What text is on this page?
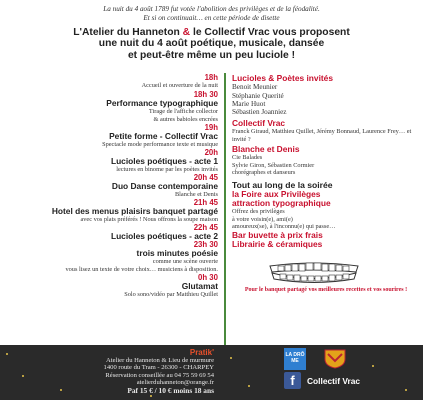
La nuit du 4 août 1789 fut votée l'abolition des privilèges et de la féodalité.
Et si on continuait… en cette période de disette
L'Atelier du Hanneton & le Collectif Vrac vous proposent
une nuit du 4 août poétique, musicale, dansée
et peut-être même un peu luciole !
18h
Accueil et ouverture de la nuit
18h 30
Performance typographique
Tirage de l'affiche collector
& autres babioles encrées
19h
Petite forme - Collectif Vrac
Spectacle mode performance texte et musique
20h
Lucioles poétiques - acte 1
lectures en binome par les poètes invités
20h 45
Duo Danse contemporaine
Blanche et Denis
21h 45
Hotel des menus plaisirs banquet partagé
avec vos plats préférés ! Nous offrons la soupe maison
22h 45
Lucioles poétiques - acte 2
23h 30
trois minutes poésie
comme une scène ouverte
vous lisez un texte de votre choix… musiciens à disposition.
0h 30
Glutamat
Solo sono/vidéo par Matthieu Quillet
Lucioles & Poètes invités
Benoit Meunier
Stéphanie Querité
Marie Huot
Sébastien Joanniez
Collectif Vrac
Franck Giraud, Matthieu Quillet, Jérémy Bonnaud, Laurence Frey… et invité ?
Blanche et Denis
Cie Balades
Sylvie Giron, Sébastien Cormier
chorégraphes et danseurs
Tout au long de la soirée
la Foire aux Privilèges
attraction typographique
Offrez des privilèges
à votre voisin(e), ami(e)
amoureux(se), à l'inconnu(e) qui passe…
Bar buvette à prix frais
Librairie & céramiques
Pour le banquet partagé vos meilleures recettes et vos sourires !
Pratik'
Atelier du Hanneton & Lieu de murmure
1400 route du Tram - 26300 - CHARPEY
Réservation conseillée au 04 75 59 69 54
atelierduhanneton@orange.fr
Paf 15 € / 10 € moins 18 ans
LA DRÔ ME
f	Collectif Vrac
